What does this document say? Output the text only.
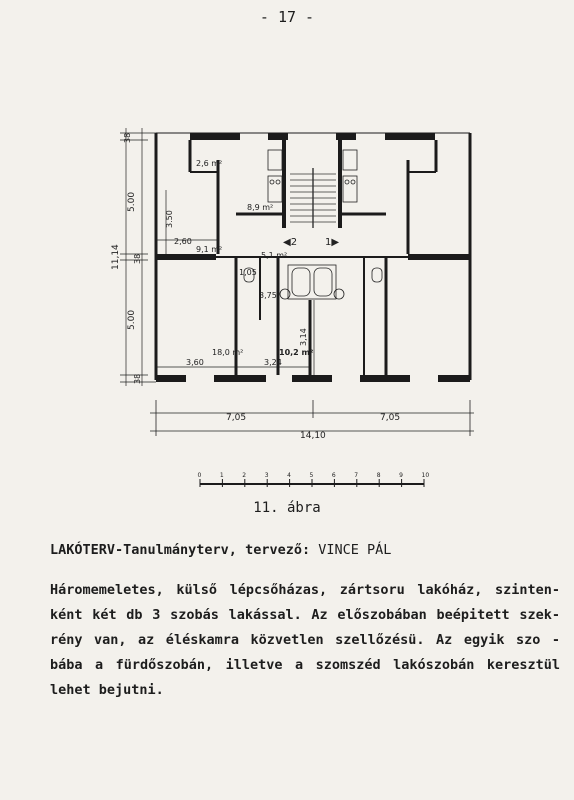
- 17 -
◀2	1▶
2,6 m²
8,9 m²
9,1 m²
5,1 m²
1,05
3,75
18,0 m²	10,2 m²
38
5.00
38
5.00
38
11,14
3.50
3,14
2,60
3,60	3,24
7,05	7,05
14,10
0	1	2	3	4	5	6	7	8	9	10
11. ábra
LAKÓTERV-Tanulmányterv, tervező: VINCE PÁL
Háromemeletes, külső lépcsőházas, zártsoru lakóház, szinten-
ként két db 3 szobás lakással. Az előszobában beépitett szek-
rény van, az éléskamra közvetlen szellőzésü. Az egyik szo -
bába a fürdőszobán, illetve a szomszéd lakószobán keresztül
lehet bejutni.
